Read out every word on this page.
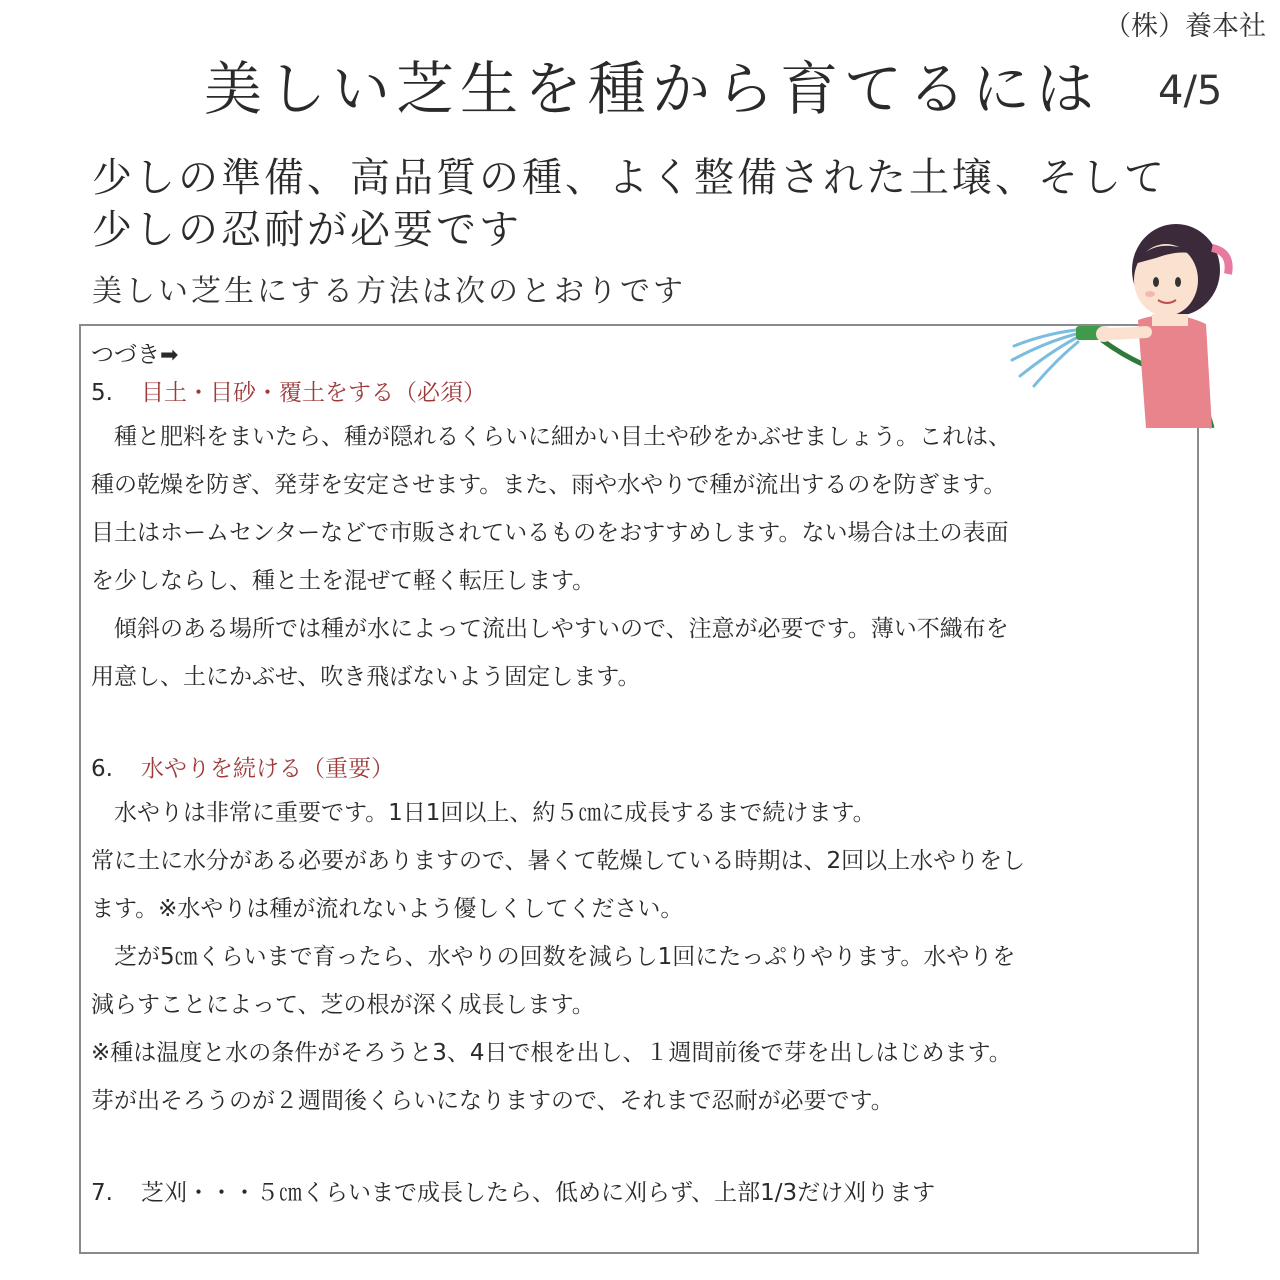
（株）養本社
美しい芝生を種から育てるには 4/5
少しの準備、高品質の種、よく整備された土壌、そして少しの忍耐が必要です
美しい芝生にする方法は次のとおりです

つづき➡

5. 目土・目砂・覆土をする（必須）

種と肥料をまいたら、種が隠れるくらいに細かい目土や砂をかぶせましょう。これは、

種の乾燥を防ぎ、発芽を安定させます。また、雨や水やりで種が流出するのを防ぎます。

目土はホームセンターなどで市販されているものをおすすめします。ない場合は土の表面

を少しならし、種と土を混ぜて軽く転圧します。

傾斜のある場所では種が水によって流出しやすいので、注意が必要です。薄い不織布を

用意し、土にかぶせ、吹き飛ばないよう固定します。

6. 水やりを続ける（重要）

水やりは非常に重要です。1日1回以上、約５㎝に成長するまで続けます。

常に土に水分がある必要がありますので、暑くて乾燥している時期は、2回以上水やりをし

ます。※水やりは種が流れないよう優しくしてください。

芝が5㎝くらいまで育ったら、水やりの回数を減らし1回にたっぷりやります。水やりを

減らすことによって、芝の根が深く成長します。

※種は温度と水の条件がそろうと3、4日で根を出し、１週間前後で芽を出しはじめます。

芽が出そろうのが２週間後くらいになりますので、それまで忍耐が必要です。

7. 芝刈・・・５㎝くらいまで成長したら、低めに刈らず、上部1/3だけ刈ります
